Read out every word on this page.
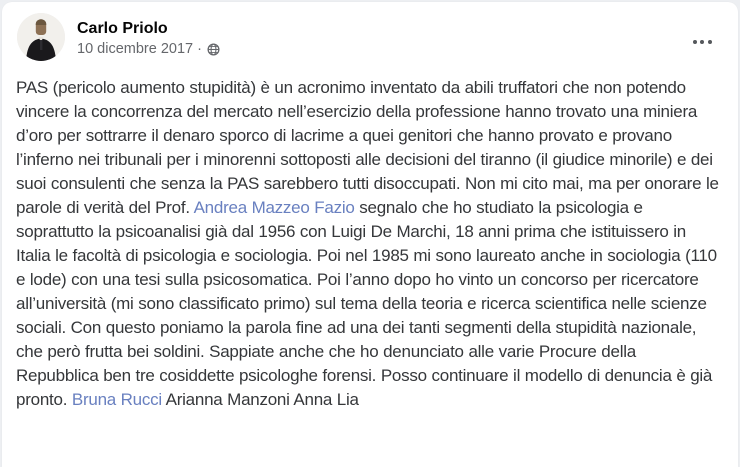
Carlo Priolo
10 dicembre 2017 ·
PAS (pericolo aumento stupidità) è un acronimo inventato da abili truffatori che non potendo vincere la concorrenza del mercato nell’esercizio della professione hanno trovato una miniera d’oro per sottrarre il denaro sporco di lacrime a quei genitori che hanno provato e provano l’inferno nei tribunali per i minorenni sottoposti alle decisioni del tiranno (il giudice minorile) e dei suoi consulenti che senza la PAS sarebbero tutti disoccupati. Non mi cito mai, ma per onorare le parole di verità del Prof. Andrea Mazzeo Fazio segnalo che ho studiato la psicologia e soprattutto la psicoanalisi già dal 1956 con Luigi De Marchi, 18 anni prima che istituissero in Italia le facoltà di psicologia e sociologia. Poi nel 1985 mi sono laureato anche in sociologia (110 e lode) con una tesi sulla psicosomatica. Poi l’anno dopo ho vinto un concorso per ricercatore all’università (mi sono classificato primo) sul tema della teoria e ricerca scientifica nelle scienze sociali. Con questo poniamo la parola fine ad una dei tanti segmenti della stupidità nazionale, che però frutta bei soldini. Sappiate anche che ho denunciato alle varie Procure della Repubblica ben tre cosiddette psicologhe forensi. Posso continuare il modello di denuncia è già pronto. Bruna Rucci Arianna Manzoni Anna Lia
